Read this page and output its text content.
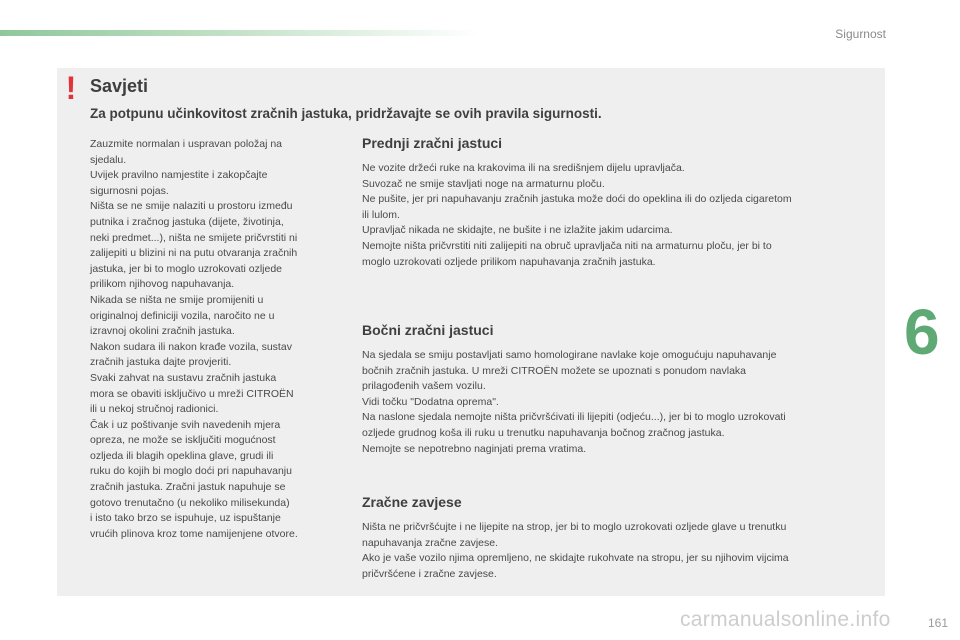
Sigurnost
! Savjeti
Za potpunu učinkovitost zračnih jastuka, pridržavajte se ovih pravila sigurnosti.
Zauzmite normalan i uspravan položaj na
sjedalu.
Uvijek pravilno namjestite i zakopčajte
sigurnosni pojas.
Ništa se ne smije nalaziti u prostoru između
putnika i zračnog jastuka (dijete, životinja,
neki predmet...), ništa ne smijete pričvrstiti ni
zalijepiti u blizini ni na putu otvaranja zračnih
jastuka, jer bi to moglo uzrokovati ozljede
prilikom njihovog napuhavanja.
Nikada se ništa ne smije promijeniti u
originalnoj definiciji vozila, naročito ne u
izravnoj okolini zračnih jastuka.
Nakon sudara ili nakon krađe vozila, sustav
zračnih jastuka dajte provjeriti.
Svaki zahvat na sustavu zračnih jastuka
mora se obaviti isključivo u mreži CITROËN
ili u nekoj stručnoj radionici.
Čak i uz poštivanje svih navedenih mjera
opreza, ne može se isključiti mogućnost
ozljeda ili blagih opeklina glave, grudi ili
ruku do kojih bi moglo doći pri napuhavanju
zračnih jastuka. Zračni jastuk napuhuje se
gotovo trenutačno (u nekoliko milisekunda)
i isto tako brzo se ispuhuje, uz ispuštanje
vrućih plinova kroz tome namijenjene otvore.
Prednji zračni jastuci
Ne vozite držeći ruke na krakovima ili na središnjem dijelu upravljača.
Suvozač ne smije stavljati noge na armaturnu ploču.
Ne pušite, jer pri napuhavanju zračnih jastuka može doći do opeklina ili do ozljeda cigaretom
ili lulom.
Upravljač nikada ne skidajte, ne bušite i ne izlažite jakim udarcima.
Nemojte ništa pričvrstiti niti zalijepiti na obruč upravljača niti na armaturnu ploču, jer bi to
moglo uzrokovati ozljede prilikom napuhavanja zračnih jastuka.
Bočni zračni jastuci
Na sjedala se smiju postavljati samo homologirane navlake koje omogućuju napuhavanje
bočnih zračnih jastuka. U mreži CITROËN možete se upoznati s ponudom navlaka
prilagođenih vašem vozilu.
Vidi točku "Dodatna oprema".
Na naslone sjedala nemojte ništa pričvršćivati ili lijepiti (odjeću...), jer bi to moglo uzrokovati
ozljede grudnog koša ili ruku u trenutku napuhavanja bočnog zračnog jastuka.
Nemojte se nepotrebno naginjati prema vratima.
Zračne zavjese
Ništa ne pričvršćujte i ne lijepite na strop, jer bi to moglo uzrokovati ozljede glave u trenutku
napuhavanja zračne zavjese.
Ako je vaše vozilo njima opremljeno, ne skidajte rukohvate na stropu, jer su njihovim vijcima
pričvršćene i zračne zavjese.
6
carmanualsonline.info	161
